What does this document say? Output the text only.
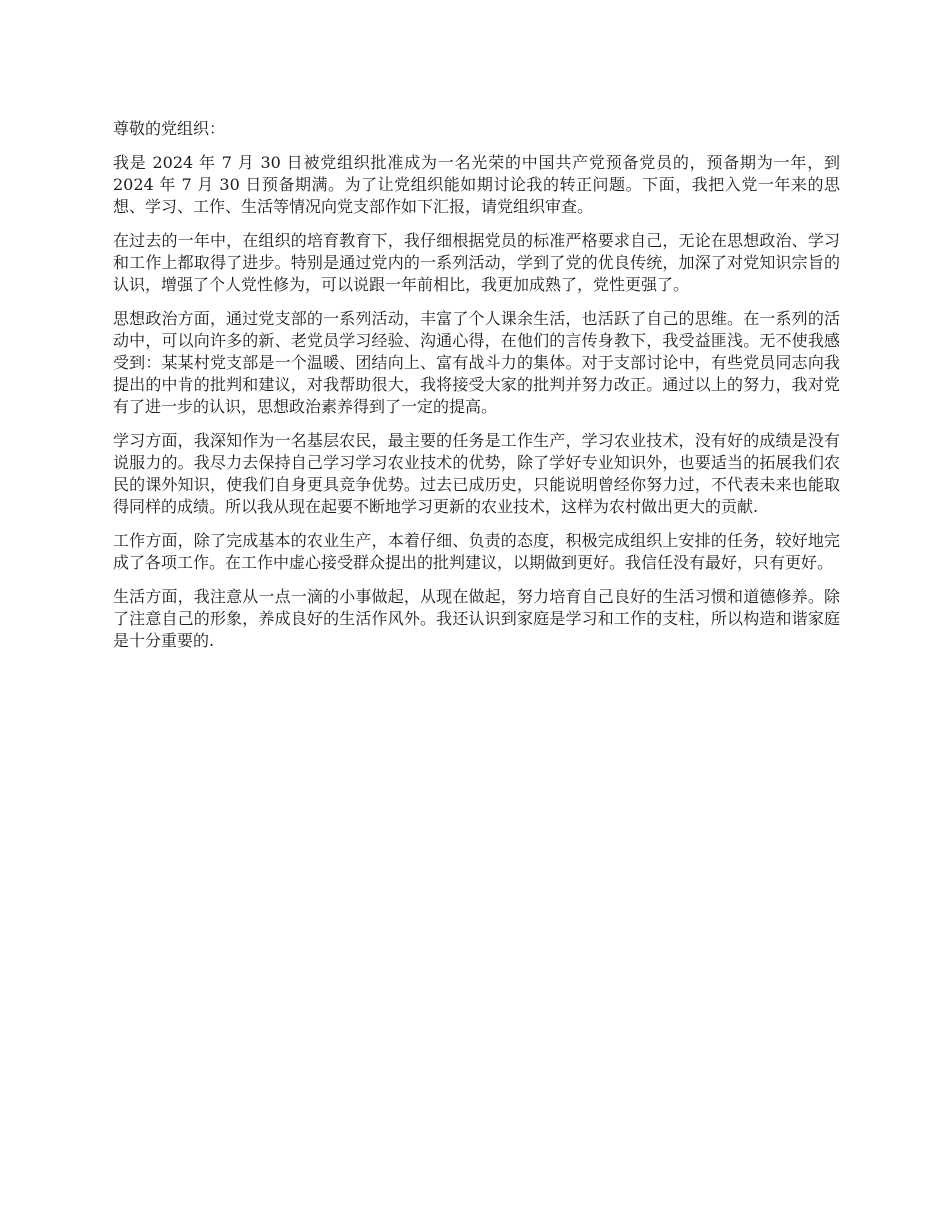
尊敬的党组织：

我是 2024 年 7 月 30 日被党组织批准成为一名光荣的中国共产党预备党员的，预备期为一年，到 2024 年 7 月 30 日预备期满。为了让党组织能如期讨论我的转正问题。下面，我把入党一年来的思想、学习、工作、生活等情况向党支部作如下汇报，请党组织审查。

在过去的一年中，在组织的培育教育下，我仔细根据党员的标准严格要求自己，无论在思想政治、学习和工作上都取得了进步。特别是通过党内的一系列活动，学到了党的优良传统，加深了对党知识宗旨的认识，增强了个人党性修为，可以说跟一年前相比，我更加成熟了，党性更强了。

思想政治方面，通过党支部的一系列活动，丰富了个人课余生活，也活跃了自己的思维。在一系列的活动中，可以向许多的新、老党员学习经验、沟通心得，在他们的言传身教下，我受益匪浅。无不使我感受到：某某村党支部是一个温暖、团结向上、富有战斗力的集体。对于支部讨论中，有些党员同志向我提出的中肯的批判和建议，对我帮助很大，我将接受大家的批判并努力改正。通过以上的努力，我对党有了进一步的认识，思想政治素养得到了一定的提高。

学习方面，我深知作为一名基层农民，最主要的任务是工作生产，学习农业技术，没有好的成绩是没有说服力的。我尽力去保持自己学习学习农业技术的优势，除了学好专业知识外，也要适当的拓展我们农民的课外知识，使我们自身更具竞争优势。过去已成历史，只能说明曾经你努力过，不代表未来也能取得同样的成绩。所以我从现在起要不断地学习更新的农业技术，这样为农村做出更大的贡献.

工作方面，除了完成基本的农业生产，本着仔细、负责的态度，积极完成组织上安排的任务，较好地完成了各项工作。在工作中虚心接受群众提出的批判建议，以期做到更好。我信任没有最好，只有更好。

生活方面，我注意从一点一滴的小事做起，从现在做起，努力培育自己良好的生活习惯和道德修养。除了注意自己的形象，养成良好的生活作风外。我还认识到家庭是学习和工作的支柱，所以构造和谐家庭是十分重要的.
